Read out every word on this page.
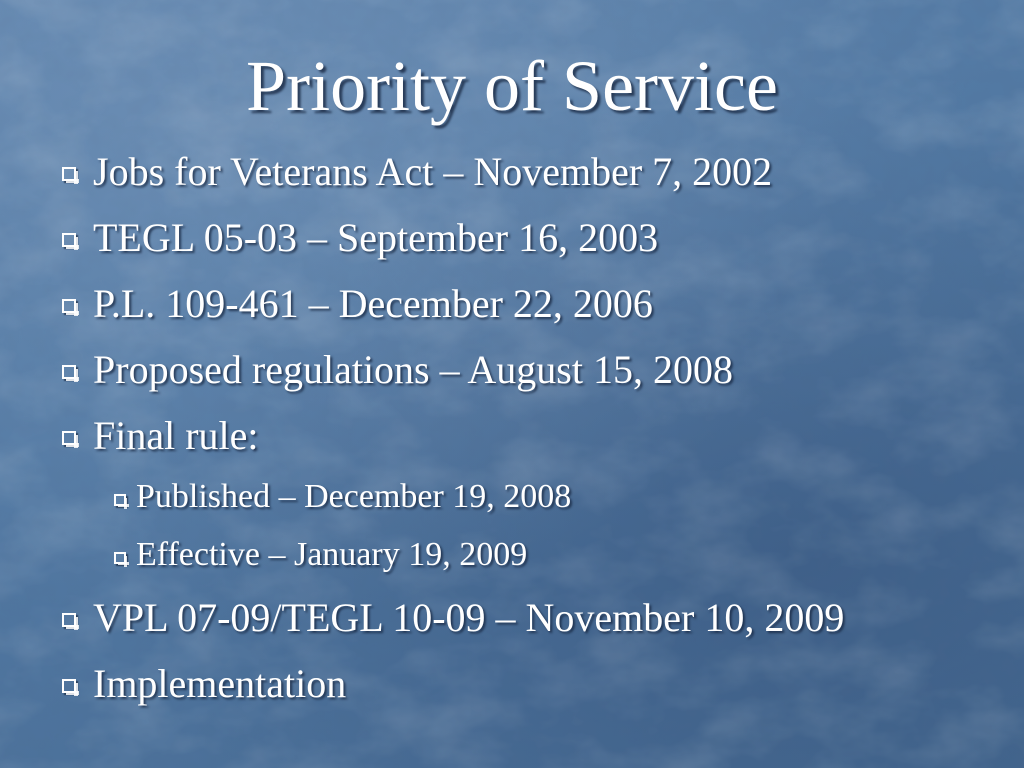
Priority of Service
Jobs for Veterans Act – November 7, 2002
TEGL 05-03 – September 16, 2003
P.L. 109-461 – December 22, 2006
Proposed regulations – August 15, 2008
Final rule:
Published – December 19, 2008
Effective – January 19, 2009
VPL 07-09/TEGL 10-09 – November 10, 2009
Implementation
